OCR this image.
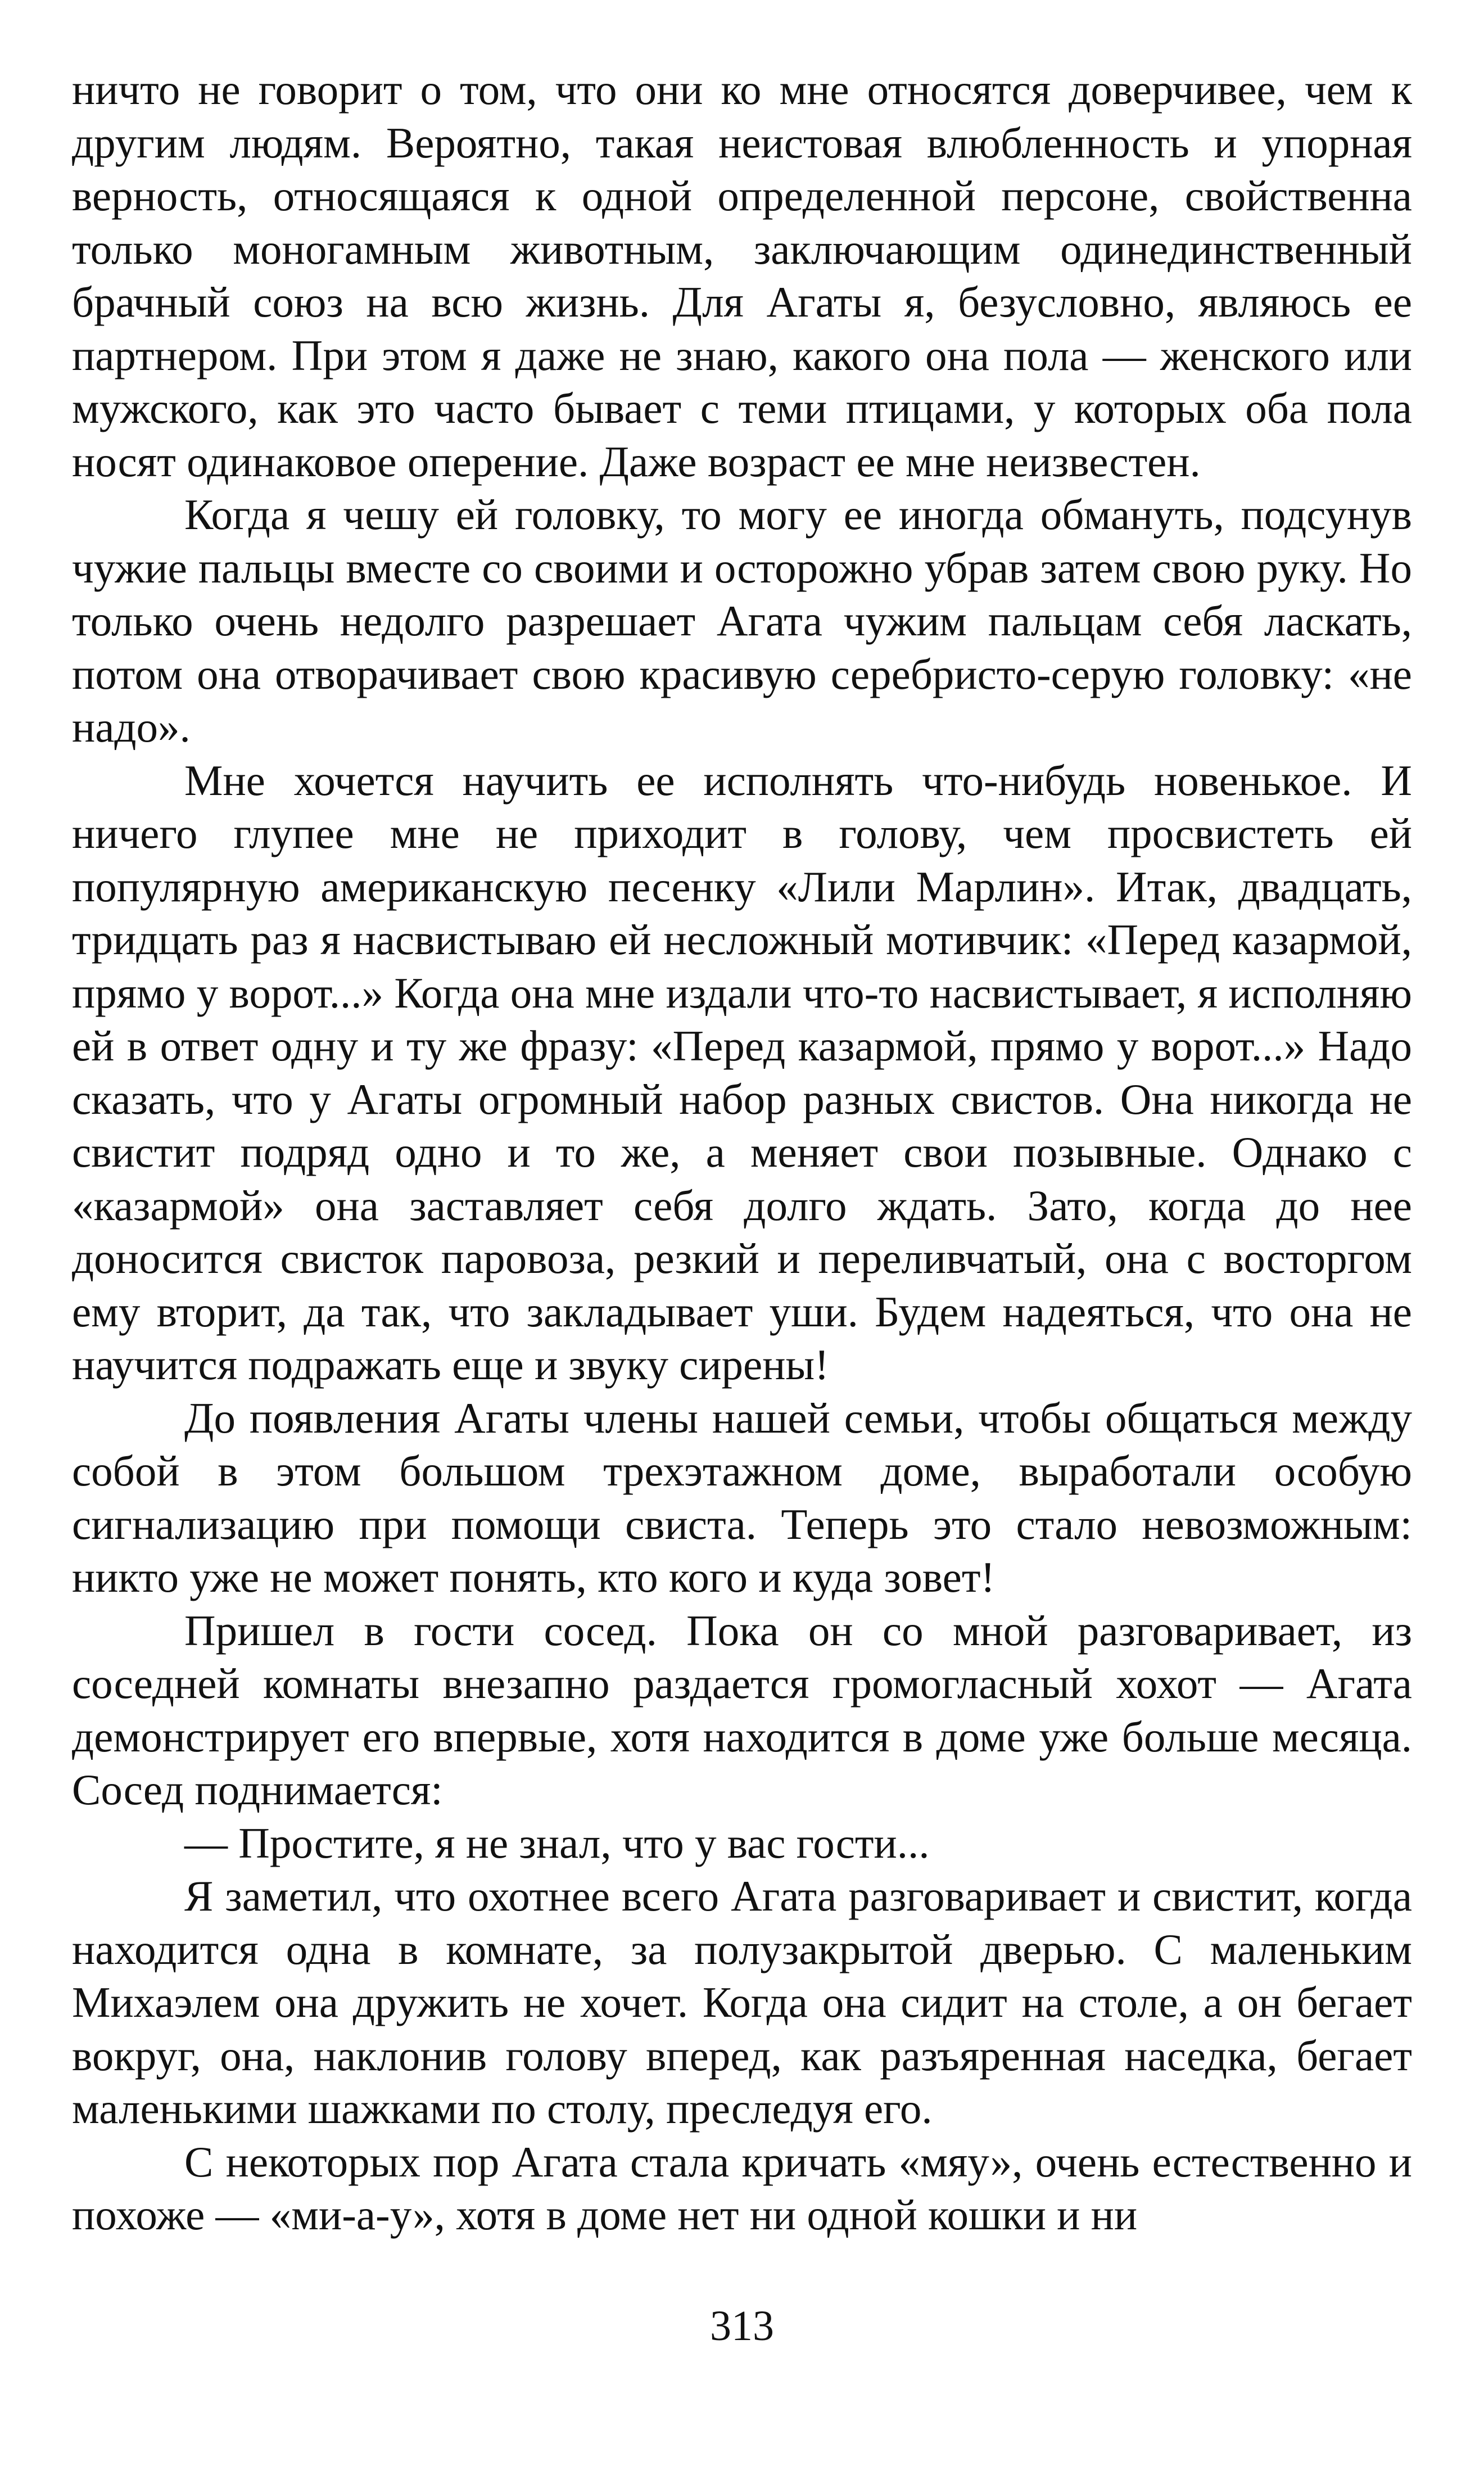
ничто не говорит о том, что они ко мне относятся доверчивее, чем к другим людям. Вероятно, такая неистовая влюбленность и упорная верность, относящаяся к одной определенной персоне, свойственна только моногамным животным, заключающим одинединственный брачный союз на всю жизнь. Для Агаты я, безусловно, являюсь ее партнером. При этом я даже не знаю, какого она пола — женского или мужского, как это часто бывает с теми птицами, у которых оба пола носят одинаковое оперение. Даже возраст ее мне неизвестен.

Когда я чешу ей головку, то могу ее иногда обмануть, подсунув чужие пальцы вместе со своими и осторожно убрав затем свою руку. Но только очень недолго разрешает Агата чужим пальцам себя ласкать, потом она отворачивает свою красивую серебристо-серую головку: «не надо».

Мне хочется научить ее исполнять что-нибудь новенькое. И ничего глупее мне не приходит в голову, чем просвистеть ей популярную американскую песенку «Лили Марлин». Итак, двадцать, тридцать раз я насвистываю ей несложный мотивчик: «Перед казармой, прямо у ворот...» Когда она мне издали что-то насвистывает, я исполняю ей в ответ одну и ту же фразу: «Перед казармой, прямо у ворот...» Надо сказать, что у Агаты огромный набор разных свистов. Она никогда не свистит подряд одно и то же, а меняет свои позывные. Однако с «казармой» она заставляет себя долго ждать. Зато, когда до нее доносится свисток паровоза, резкий и переливчатый, она с восторгом ему вторит, да так, что закладывает уши. Будем надеяться, что она не научится подражать еще и звуку сирены!

До появления Агаты члены нашей семьи, чтобы общаться между собой в этом большом трехэтажном доме, выработали особую сигнализацию при помощи свиста. Теперь это стало невозможным: никто уже не может понять, кто кого и куда зовет!

Пришел в гости сосед. Пока он со мной разговаривает, из соседней комнаты внезапно раздается громогласный хохот — Агата демонстрирует его впервые, хотя находится в доме уже больше месяца. Сосед поднимается:

— Простите, я не знал, что у вас гости...

Я заметил, что охотнее всего Агата разговаривает и свистит, когда находится одна в комнате, за полузакрытой дверью. С маленьким Михаэлем она дружить не хочет. Когда она сидит на столе, а он бегает вокруг, она, наклонив голову вперед, как разъяренная наседка, бегает маленькими шажками по столу, преследуя его.

С некоторых пор Агата стала кричать «мяу», очень естественно и похоже — «ми-а-у», хотя в доме нет ни одной кошки и ни

313
